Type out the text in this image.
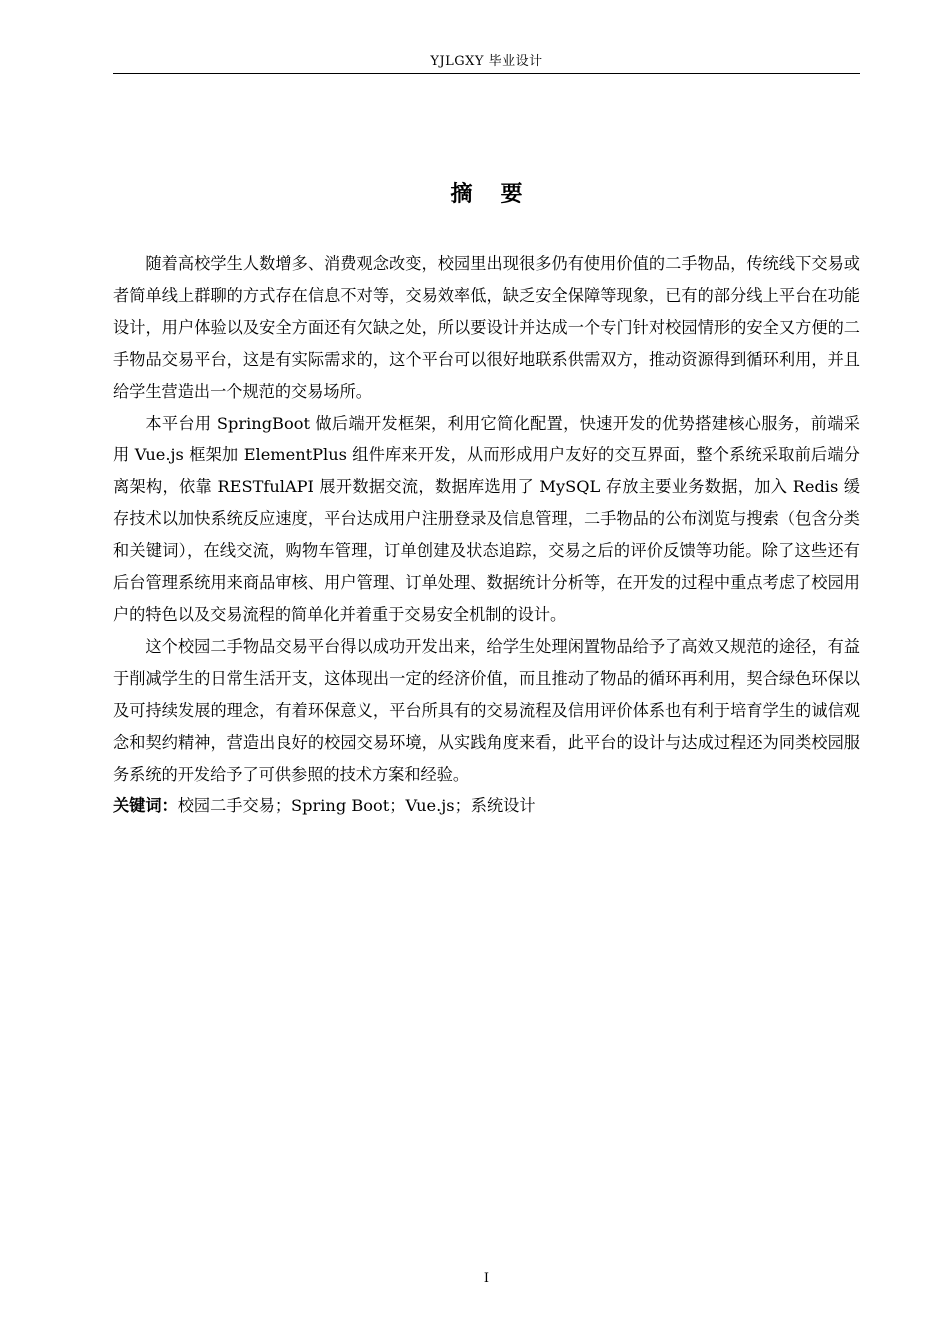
YJLGXY 毕业设计
摘要

随着高校学生人数增多、消费观念改变，校园里出现很多仍有使用价值的二手物品，传统线下交易或者简单线上群聊的方式存在信息不对等，交易效率低，缺乏安全保障等现象，已有的部分线上平台在功能设计，用户体验以及安全方面还有欠缺之处，所以要设计并达成一个专门针对校园情形的安全又方便的二手物品交易平台，这是有实际需求的，这个平台可以很好地联系供需双方，推动资源得到循环利用，并且给学生营造出一个规范的交易场所。

本平台用 SpringBoot 做后端开发框架，利用它简化配置，快速开发的优势搭建核心服务，前端采用 Vue.js 框架加 ElementPlus 组件库来开发，从而形成用户友好的交互界面，整个系统采取前后端分离架构，依靠 RESTfulAPI 展开数据交流，数据库选用了 MySQL 存放主要业务数据，加入 Redis 缓存技术以加快系统反应速度，平台达成用户注册登录及信息管理，二手物品的公布浏览与搜索（包含分类和关键词），在线交流，购物车管理，订单创建及状态追踪，交易之后的评价反馈等功能。除了这些还有后台管理系统用来商品审核、用户管理、订单处理、数据统计分析等，在开发的过程中重点考虑了校园用户的特色以及交易流程的简单化并着重于交易安全机制的设计。

这个校园二手物品交易平台得以成功开发出来，给学生处理闲置物品给予了高效又规范的途径，有益于削减学生的日常生活开支，这体现出一定的经济价值，而且推动了物品的循环再利用，契合绿色环保以及可持续发展的理念，有着环保意义，平台所具有的交易流程及信用评价体系也有利于培育学生的诚信观念和契约精神，营造出良好的校园交易环境，从实践角度来看，此平台的设计与达成过程还为同类校园服务系统的开发给予了可供参照的技术方案和经验。

关键词：校园二手交易；Spring Boot；Vue.js；系统设计

I
